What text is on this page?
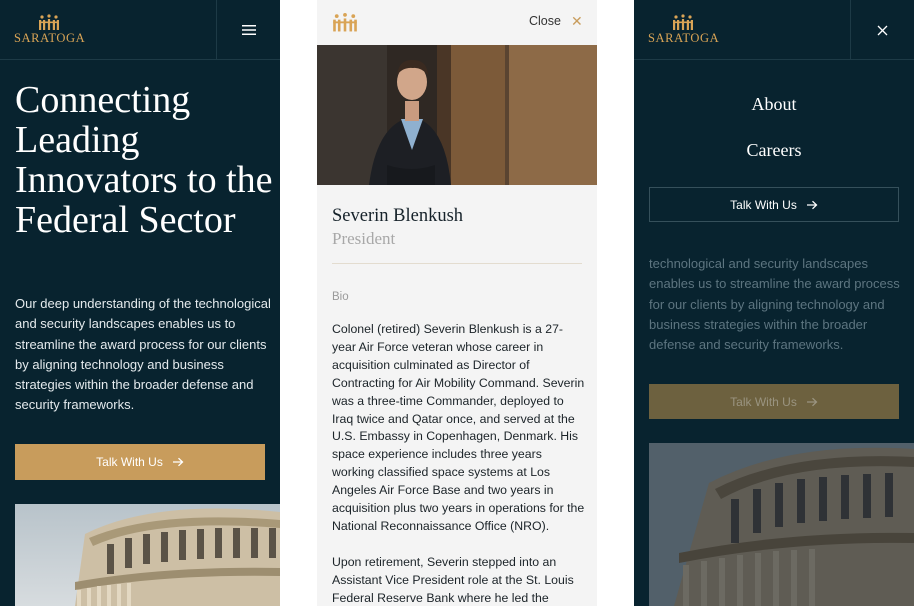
SARATOGA
Connecting Leading Innovators to the Federal Sector

Our deep understanding of the technological and security landscapes enables us to streamline the award process for our clients by aligning technology and business strategies within the broader defense and security frameworks.

Talk With Us
Close ✕
Severin Blenkush
President
Bio

Colonel (retired) Severin Blenkush is a 27-year Air Force veteran whose career in acquisition culminated as Director of Contracting for Air Mobility Command. Severin was a three-time Commander, deployed to Iraq twice and Qatar once, and served at the U.S. Embassy in Copenhagen, Denmark. His space experience includes three years working classified space systems at Los Angeles Air Force Base and two years in acquisition plus two years in operations for the National Reconnaissance Office (NRO).

Upon retirement, Severin stepped into an Assistant Vice President role at the St. Louis Federal Reserve Bank where he led the

SARATOGA
About
Careers
Talk With Us

technological and security landscapes enables us to streamline the award process for our clients by aligning technology and business strategies within the broader defense and security frameworks.

Talk With Us
